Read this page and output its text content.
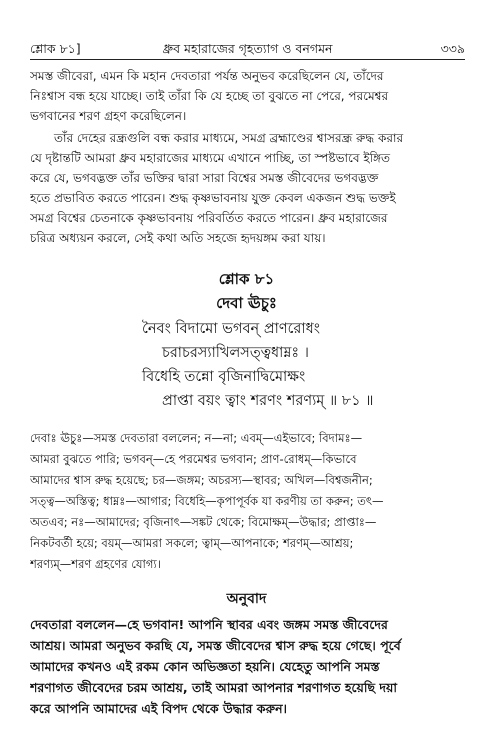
শ্লোক ৮১]	ধ্রুব মহারাজের গৃহত্যাগ ও বনগমন	৩৩৯
সমস্ত জীবেরা, এমন কি মহান দেবতারা পর্যন্ত অনুভব করেছিলেন যে, তাঁদের
নিঃশ্বাস বন্ধ হয়ে যাচ্ছে। তাই তাঁরা কি যে হচ্ছে তা বুঝতে না পেরে, পরমেশ্বর
ভগবানের শরণ গ্রহণ করেছিলেন।
তাঁর দেহের রন্ধ্রগুলি বন্ধ করার মাধ্যমে, সমগ্র ব্রহ্মাণ্ডের শ্বাসরন্ধ্র রুদ্ধ করার
যে দৃষ্টান্তটি আমরা ধ্রুব মহারাজের মাধ্যমে এখানে পাচ্ছি, তা স্পষ্টভাবে ইঙ্গিত
করে যে, ভগবদ্ভক্ত তাঁর ভক্তির দ্বারা সারা বিশ্বের সমস্ত জীবেদের ভগবদ্ভক্ত
হতে প্রভাবিত করতে পারেন। শুদ্ধ কৃষ্ণভাবনায় যুক্ত কেবল একজন শুদ্ধ ভক্তই
সমগ্র বিশ্বের চেতনাকে কৃষ্ণভাবনায় পরিবর্তিত করতে পারেন। ধ্রুব মহারাজের
চরিত্র অধ্যয়ন করলে, সেই কথা অতি সহজে হৃদয়ঙ্গম করা যায়।
শ্লোক ৮১
দেবা ঊচুঃ
নৈবং বিদামো ভগবন্ প্রাণরোধং
চরাচরস্যাখিলসত্ত্বধাম্নঃ ।
বিধেহি তন্নো বৃজিনাদ্বিমোক্ষং
প্রাপ্তা বয়ং ত্বাং শরণং শরণ্যম্ ॥ ৮১ ॥
দেবাঃ ঊচুঃ—সমস্ত দেবতারা বললেন; ন—না; এবম্—এইভাবে; বিদামঃ—
আমরা বুঝতে পারি; ভগবন্—হে পরমেশ্বর ভগবান; প্রাণ-রোধম্—কিভাবে
আমাদের শ্বাস রুদ্ধ হয়েছে; চর—জঙ্গম; অচরস্য—স্থাবর; অখিল—বিশ্বজনীন;
সত্ত্ব—অস্তিত্ব; ধাম্নঃ—আগার; বিধেহি—কৃপাপূর্বক যা করণীয় তা করুন; তৎ—
অতএব; নঃ—আমাদের; বৃজিনাৎ—সঙ্কট থেকে; বিমোক্ষম্—উদ্ধার; প্রাপ্তাঃ—
নিকটবর্তী হয়ে; বয়ম্—আমরা সকলে; ত্বাম্—আপনাকে; শরণম্—আশ্রয়;
শরণ্যম্—শরণ গ্রহণের যোগ্য।
অনুবাদ
দেবতারা বললেন—হে ভগবান! আপনি স্থাবর এবং জঙ্গম সমস্ত জীবেদের
আশ্রয়। আমরা অনুভব করছি যে, সমস্ত জীবেদের শ্বাস রুদ্ধ হয়ে গেছে। পূর্বে
আমাদের কখনও এই রকম কোন অভিজ্ঞতা হয়নি। যেহেতু আপনি সমস্ত
শরণাগত জীবেদের চরম আশ্রয়, তাই আমরা আপনার শরণাগত হয়েছি দয়া
করে আপনি আমাদের এই বিপদ থেকে উদ্ধার করুন।
